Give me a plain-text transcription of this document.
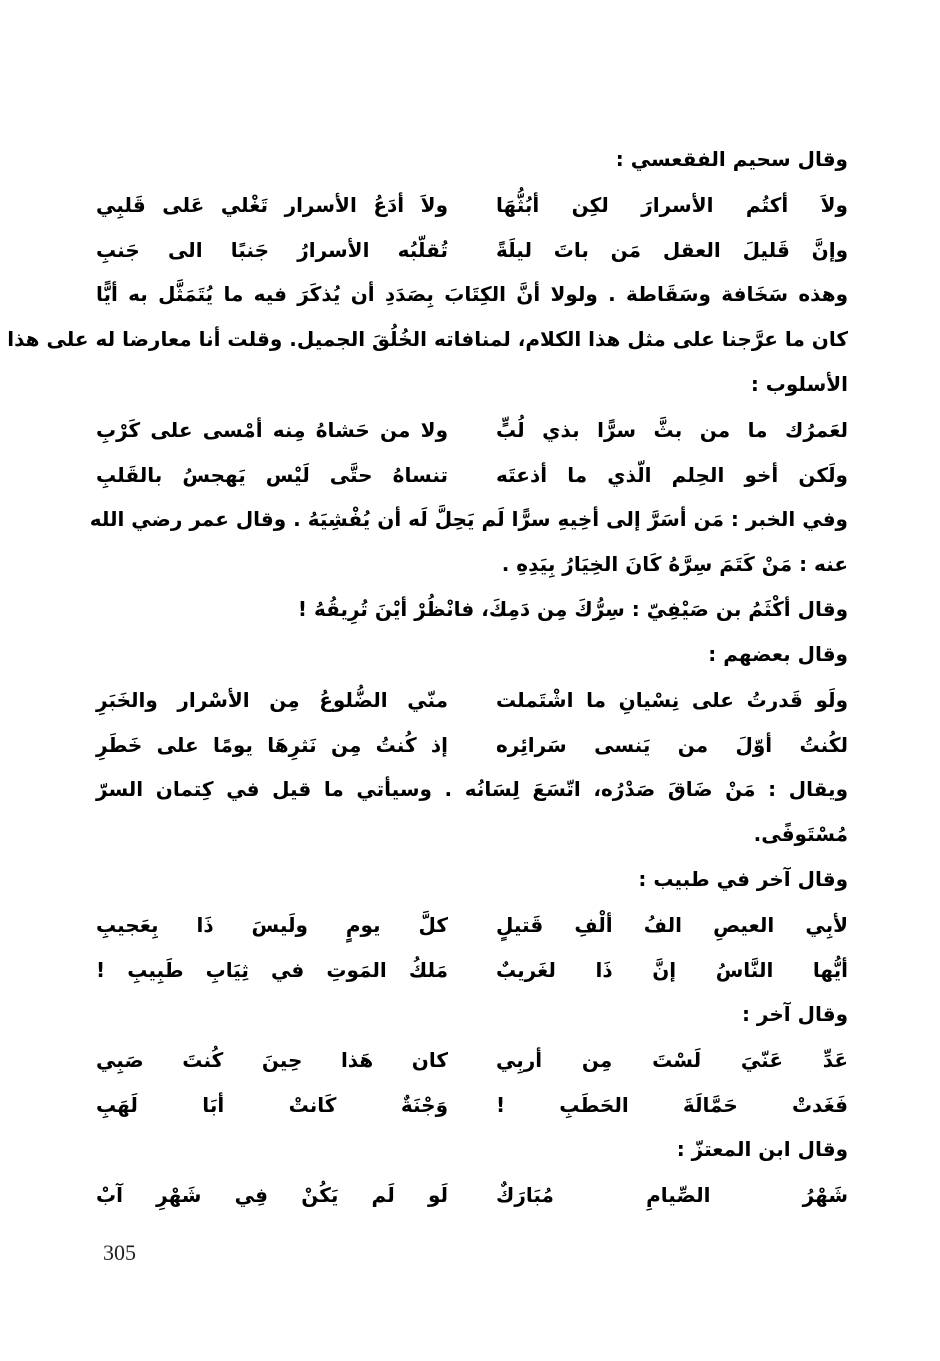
وقال سحيم الفقعسي :
ولاَ أكتُم الأسرارَ لكِن أبُثُّهَا
ولاَ أدَعُ الأسرار تَغْلي عَلى قَلبِي
وإنَّ قَليلَ العقل مَن باتَ ليلَةً
تُقلّبُه الأسرارُ جَنبًا الى جَنبِ
وهذه سَخَافة وسَقَاطة . ولولا أنَّ الكِتَابَ بِصَدَدِ أن يُذكَرَ فيه ما يُتَمَثَّل به أيًّا
كان ما عرَّجنا على مثل هذا الكلام، لمنافاته الخُلُقَ الجميل. وقلت أنا معارضا له على هذا
الأسلوب :
لعَمرُك ما من بثَّ سرًّا بذي لُبٍّ
ولا من حَشاهُ مِنه أمْسى على كَرْبِ
ولَكن أخو الحِلم الّذي ما أذعتَه
تنساهُ حتَّى لَيْس يَهجسُ بالقَلبِ
وفي الخبر : مَن أسَرَّ إلى أخِيهِ سرًّا لَم يَحِلَّ لَه أن يُفْشِيَهُ . وقال عمر رضي الله
عنه : مَنْ كَتَمَ سِرَّهُ كَانَ الخِيَارُ بِيَدِهِ .
وقال أكْثَمُ بن صَيْفِيّ : سِرُّكَ مِن دَمِكَ، فانْظُرْ أيْنَ تُرِيقُهُ !
وقال بعضهم :
ولَو قَدرتُ على نِسْيانِ ما اشْتَملت
منّي الضُّلوعُ مِن الأسْرار والخَبَرِ
لكُنتُ أوّلَ من يَنسى سَرائِره
إذ كُنتُ مِن نَثرِهَا يومًا على خَطَرِ
ويقال : مَنْ ضَاقَ صَدْرُه، اتّسَعَ لِسَانُه . وسيأتي ما قيل في كِتمان السرّ
مُسْتَوفًى.
وقال آخر في طبيب :
لأبِي العيصِ الفُ ألْفِ قَتيلٍ
كلَّ يومٍ ولَيسَ ذَا بِعَجيبِ
أيُّها النَّاسُ إنَّ ذَا لغَريبٌ
مَلكُ المَوتِ في ثِيَابِ طَبِيبِ !
وقال آخر :
عَدِّ عَنّيَ لَسْتَ مِن أربِي
كان هَذا حِينَ كُنتَ صَبِي
فَغَدتْ حَمَّالَةَ الحَطَبِ !
وَجْنَةٌ كَانتْ أبَا لَهَبِ
وقال ابن المعتزّ :
شَهْرُ الصِّيامِ مُبَارَكٌ
لَو لَم يَكُنْ فِي شَهْرِ آبْ
305
